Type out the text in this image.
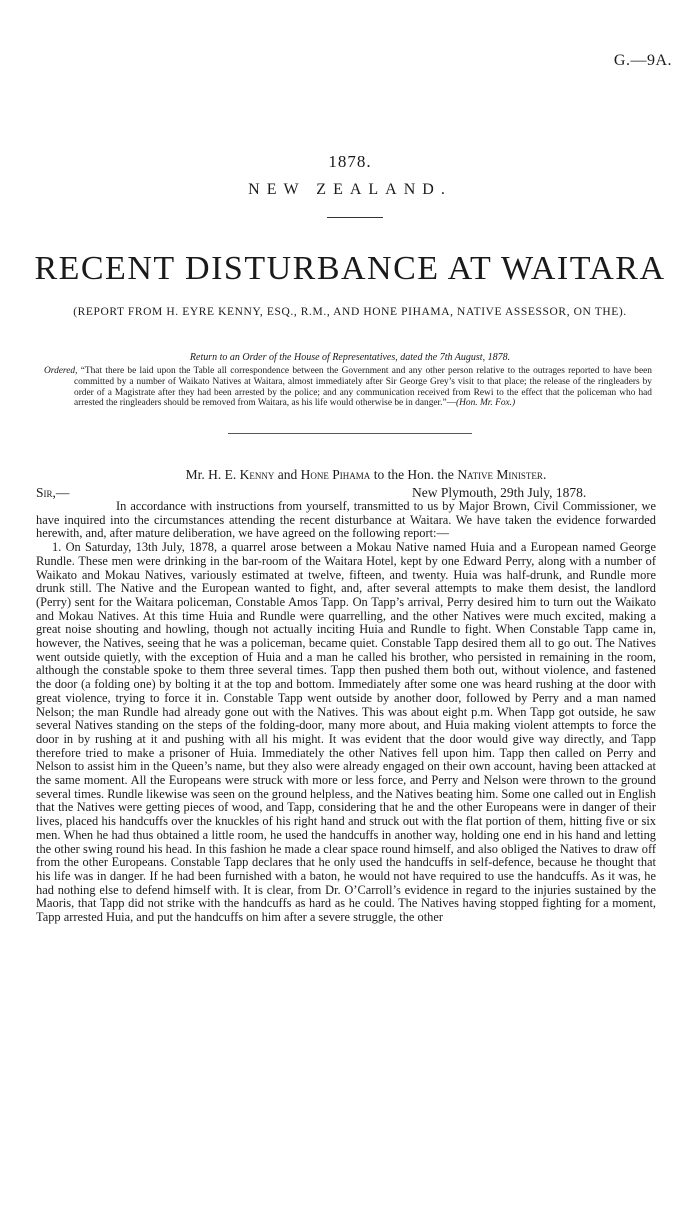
G.—9A.
1878.
NEW ZEALAND.
RECENT DISTURBANCE AT WAITARA
(REPORT FROM H. EYRE KENNY, ESQ., R.M., AND HONE PIHAMA, NATIVE ASSESSOR, ON THE).
Return to an Order of the House of Representatives, dated the 7th August, 1878.
Ordered, “That there be laid upon the Table all correspondence between the Government and any other person relative to the outrages reported to have been committed by a number of Waikato Natives at Waitara, almost immediately after Sir George Grey’s visit to that place; the release of the ringleaders by order of a Magistrate after they had been arrested by the police; and any communication received from Rewi to the effect that the policeman who had arrested the ringleaders should be removed from Waitara, as his life would otherwise be in danger.”—(Hon. Mr. Fox.)
Mr. H. E. Kenny and Hone Pihama to the Hon. the Native Minister.
Sir,—	New Plymouth, 29th July, 1878.

In accordance with instructions from yourself, transmitted to us by Major Brown, Civil Commissioner, we have inquired into the circumstances attending the recent disturbance at Waitara. We have taken the evidence forwarded herewith, and, after mature deliberation, we have agreed on the following report:—

1. On Saturday, 13th July, 1878, a quarrel arose between a Mokau Native named Huia and a European named George Rundle. These men were drinking in the bar-room of the Waitara Hotel, kept by one Edward Perry, along with a number of Waikato and Mokau Natives, variously estimated at twelve, fifteen, and twenty. Huia was half-drunk, and Rundle more drunk still. The Native and the European wanted to fight, and, after several attempts to make them desist, the landlord (Perry) sent for the Waitara policeman, Constable Amos Tapp. On Tapp’s arrival, Perry desired him to turn out the Waikato and Mokau Natives. At this time Huia and Rundle were quarrelling, and the other Natives were much excited, making a great noise shouting and howling, though not actually inciting Huia and Rundle to fight. When Constable Tapp came in, however, the Natives, seeing that he was a policeman, became quiet. Constable Tapp desired them all to go out. The Natives went outside quietly, with the exception of Huia and a man he called his brother, who persisted in remaining in the room, although the constable spoke to them three several times. Tapp then pushed them both out, without violence, and fastened the door (a folding one) by bolting it at the top and bottom. Immediately after some one was heard rushing at the door with great violence, trying to force it in. Constable Tapp went outside by another door, followed by Perry and a man named Nelson; the man Rundle had already gone out with the Natives. This was about eight p.m. When Tapp got outside, he saw several Natives standing on the steps of the folding-door, many more about, and Huia making violent attempts to force the door in by rushing at it and pushing with all his might. It was evident that the door would give way directly, and Tapp therefore tried to make a prisoner of Huia. Immediately the other Natives fell upon him. Tapp then called on Perry and Nelson to assist him in the Queen’s name, but they also were already engaged on their own account, having been attacked at the same moment. All the Europeans were struck with more or less force, and Perry and Nelson were thrown to the ground several times. Rundle likewise was seen on the ground helpless, and the Natives beating him. Some one called out in English that the Natives were getting pieces of wood, and Tapp, considering that he and the other Europeans were in danger of their lives, placed his handcuffs over the knuckles of his right hand and struck out with the flat portion of them, hitting five or six men. When he had thus obtained a little room, he used the handcuffs in another way, holding one end in his hand and letting the other swing round his head. In this fashion he made a clear space round himself, and also obliged the Natives to draw off from the other Europeans. Constable Tapp declares that he only used the handcuffs in self-defence, because he thought that his life was in danger. If he had been furnished with a baton, he would not have required to use the handcuffs. As it was, he had nothing else to defend himself with. It is clear, from Dr. O’Carroll’s evidence in regard to the injuries sustained by the Maoris, that Tapp did not strike with the handcuffs as hard as he could. The Natives having stopped fighting for a moment, Tapp arrested Huia, and put the handcuffs on him after a severe struggle, the other
